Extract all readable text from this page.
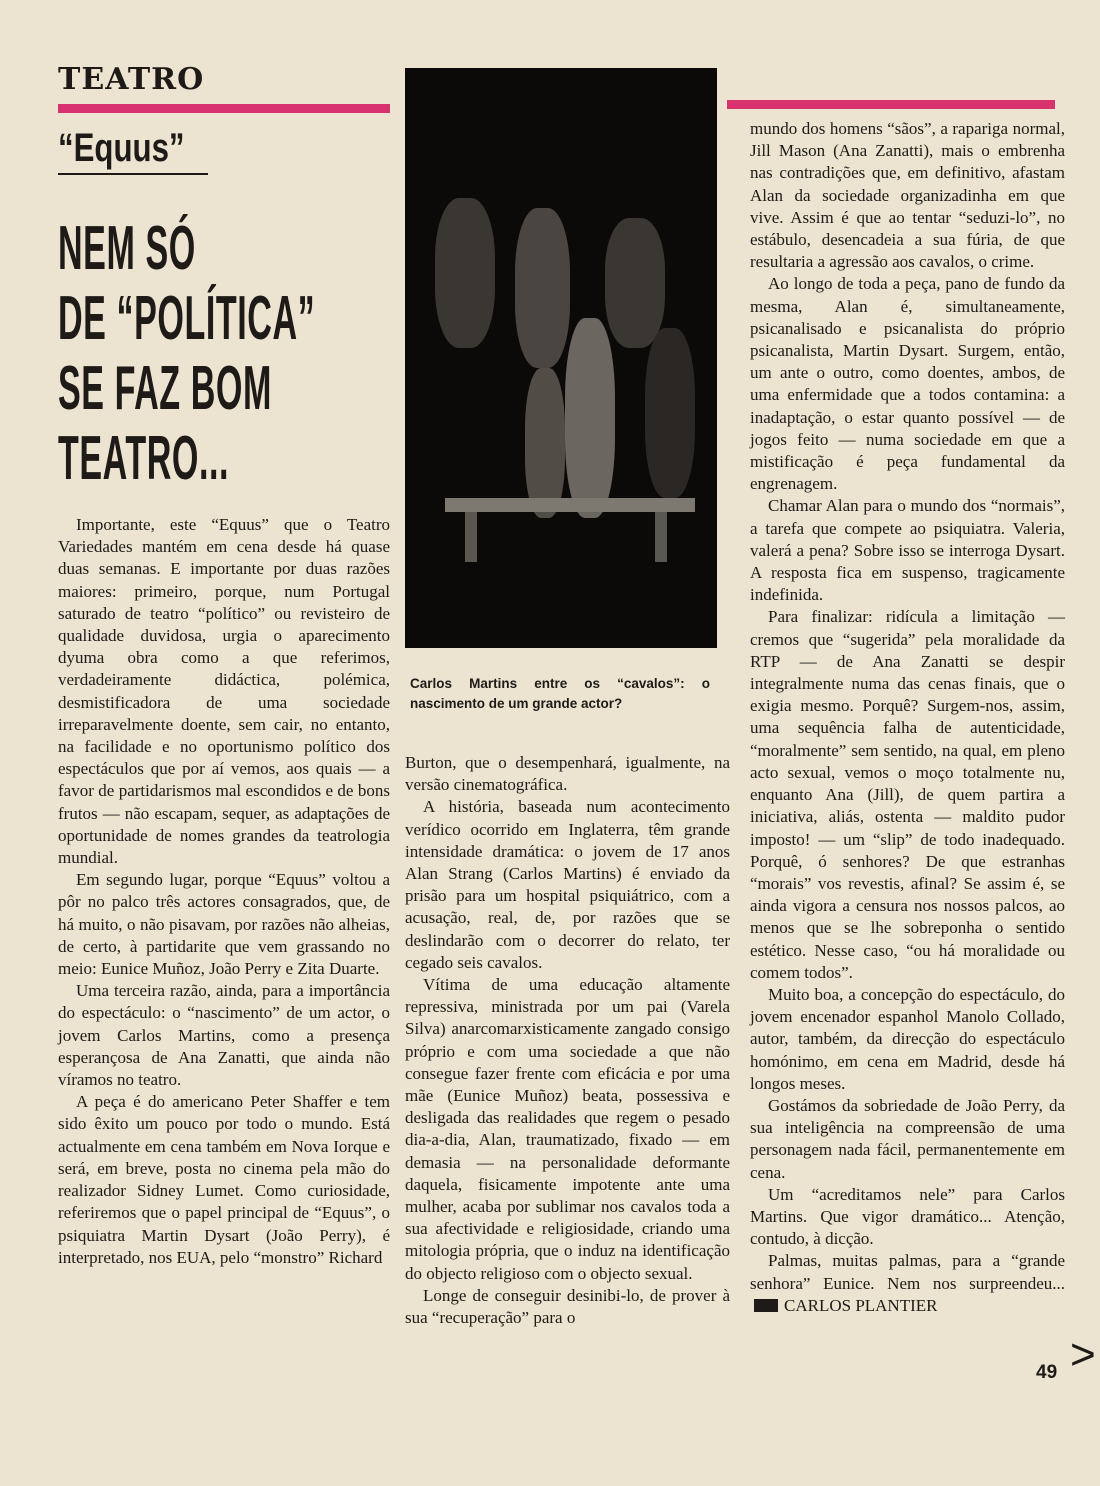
TEATRO
“Equus”
NEM SÓ
DE “POLÍTICA”
SE FAZ BOM
TEATRO...

Importante, este “Equus” que o Teatro Variedades mantém em cena desde há quase duas semanas. E importante por duas razões maiores: primeiro, porque, num Portugal saturado de teatro “político” ou revisteiro de qualidade duvidosa, urgia o aparecimento dyuma obra como a que referimos, verdadeiramente didáctica, polémica, desmistificadora de uma sociedade irreparavelmente doente, sem cair, no entanto, na facilidade e no oportunismo político dos espectáculos que por aí vemos, aos quais — a favor de partidarismos mal escondidos e de bons frutos — não escapam, sequer, as adaptações de oportunidade de nomes grandes da teatrologia mundial.

Em segundo lugar, porque “Equus” voltou a pôr no palco três actores consagrados, que, de há muito, o não pisavam, por razões não alheias, de certo, à partidarite que vem grassando no meio: Eunice Muñoz, João Perry e Zita Duarte.

Uma terceira razão, ainda, para a importância do espectáculo: o “nascimento” de um actor, o jovem Carlos Martins, como a presença esperançosa de Ana Zanatti, que ainda não víramos no teatro.

A peça é do americano Peter Shaffer e tem sido êxito um pouco por todo o mundo. Está actualmente em cena também em Nova Iorque e será, em breve, posta no cinema pela mão do realizador Sidney Lumet. Como curiosidade, referiremos que o papel principal de “Equus”, o psiquiatra Martin Dysart (João Perry), é interpretado, nos EUA, pelo “monstro” Richard

Carlos Martins entre os “cavalos”: o nascimento de um grande actor?

Burton, que o desempenhará, igualmente, na versão cinematográfica.

A história, baseada num acontecimento verídico ocorrido em Inglaterra, têm grande intensidade dramática: o jovem de 17 anos Alan Strang (Carlos Martins) é enviado da prisão para um hospital psiquiátrico, com a acusação, real, de, por razões que se deslindarão com o decorrer do relato, ter cegado seis cavalos.

Vítima de uma educação altamente repressiva, ministrada por um pai (Varela Silva) anarcomarxisticamente zangado consigo próprio e com uma sociedade a que não consegue fazer frente com eficácia e por uma mãe (Eunice Muñoz) beata, possessiva e desligada das realidades que regem o pesado dia-a-dia, Alan, traumatizado, fixado — em demasia — na personalidade deformante daquela, fisicamente impotente ante uma mulher, acaba por sublimar nos cavalos toda a sua afectividade e religiosidade, criando uma mitologia própria, que o induz na identificação do objecto religioso com o objecto sexual.

Longe de conseguir desinibi-lo, de prover à sua “recuperação” para o

mundo dos homens “sãos”, a rapariga normal, Jill Mason (Ana Zanatti), mais o embrenha nas contradições que, em definitivo, afastam Alan da sociedade organizadinha em que vive. Assim é que ao tentar “seduzi-lo”, no estábulo, desencadeia a sua fúria, de que resultaria a agressão aos cavalos, o crime.

Ao longo de toda a peça, pano de fundo da mesma, Alan é, simultaneamente, psicanalisado e psicanalista do próprio psicanalista, Martin Dysart. Surgem, então, um ante o outro, como doentes, ambos, de uma enfermidade que a todos contamina: a inadaptação, o estar quanto possível — de jogos feito — numa sociedade em que a mistificação é peça fundamental da engrenagem.

Chamar Alan para o mundo dos “normais”, a tarefa que compete ao psiquiatra. Valeria, valerá a pena? Sobre isso se interroga Dysart. A resposta fica em suspenso, tragicamente indefinida.

Para finalizar: ridícula a limitação — cremos que “sugerida” pela moralidade da RTP — de Ana Zanatti se despir integralmente numa das cenas finais, que o exigia mesmo. Porquê? Surgem-nos, assim, uma sequência falha de autenticidade, “moralmente” sem sentido, na qual, em pleno acto sexual, vemos o moço totalmente nu, enquanto Ana (Jill), de quem partira a iniciativa, aliás, ostenta — maldito pudor imposto! — um “slip” de todo inadequado. Porquê, ó senhores? De que estranhas “morais” vos revestis, afinal? Se assim é, se ainda vigora a censura nos nossos palcos, ao menos que se lhe sobreponha o sentido estético. Nesse caso, “ou há moralidade ou comem todos”.

Muito boa, a concepção do espectáculo, do jovem encenador espanhol Manolo Collado, autor, também, da direcção do espectáculo homónimo, em cena em Madrid, desde há longos meses.

Gostámos da sobriedade de João Perry, da sua inteligência na compreensão de uma personagem nada fácil, permanentemente em cena.

Um “acreditamos nele” para Carlos Martins. Que vigor dramático... Atenção, contudo, à dicção.

Palmas, muitas palmas, para a “grande senhora” Eunice. Nem nos surpreendeu...CARLOS PLANTIER

>
49
